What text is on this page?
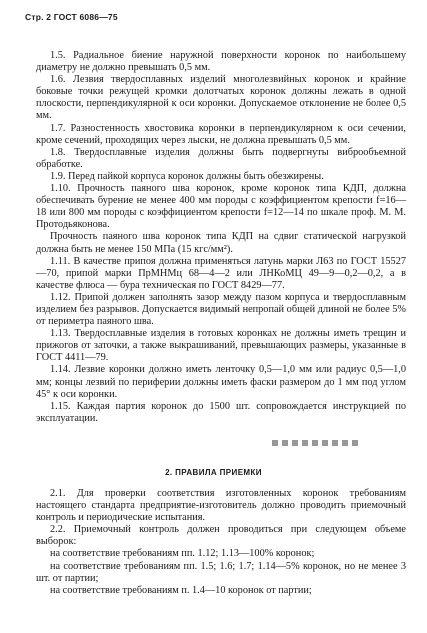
Стр. 2 ГОСТ 6086—75

1.5. Радиальное биение наружной поверхности коронок по наибольшему диаметру не должно превышать 0,5 мм.

1.6. Лезвия твердосплавных изделий многолезвийных коронок и крайние боковые точки режущей кромки долотчатых коронок должны лежать в одной плоскости, перпендикулярной к оси коронки. Допускаемое отклонение не более 0,5 мм.

1.7. Разностенность хвостовика коронки в перпендикулярном к оси сечении, кроме сечений, проходящих через лыски, не должна превышать 0,5 мм.

1.8. Твердосплавные изделия должны быть подвергнуты виброобъемной обработке.

1.9. Перед пайкой корпуса коронок должны быть обезжирены.

1.10. Прочность паяного шва коронок, кроме коронок типа КДП, должна обеспечивать бурение не менее 400 мм породы с коэффициентом крепости f=16—18 или 800 мм породы с коэффициентом крепости f=12—14 по шкале проф. М. М. Протодьяконова.

Прочность паяного шва коронок типа КДП на сдвиг статической нагрузкой должна быть не менее 150 МПа (15 кгс/мм²).

1.11. В качестве припоя должна применяться латунь марки Л63 по ГОСТ 15527—70, припой марки ПрМНМц 68—4—2 или ЛНКоМЦ 49—9—0,2—0,2, а в качестве флюса — бура техническая по ГОСТ 8429—77.

1.12. Припой должен заполнять зазор между пазом корпуса и твердосплавным изделием без разрывов. Допускается видимый непропай общей длиной не более 5% от периметра паяного шва.

1.13. Твердосплавные изделия в готовых коронках не должны иметь трещин и прижогов от заточки, а также выкрашиваний, превышающих размеры, указанные в ГОСТ 4411—79.

1.14. Лезвие коронки должно иметь ленточку 0,5—1,0 мм или радиус 0,5—1,0 мм; концы лезвий по периферии должны иметь фаски размером до 1 мм под углом 45° к оси коронки.

1.15. Каждая партия коронок до 1500 шт. сопровождается инструкцией по эксплуатации.

2. ПРАВИЛА ПРИЕМКИ

2.1. Для проверки соответствия изготовленных коронок требованиям настоящего стандарта предприятие-изготовитель должно проводить приемочный контроль и периодические испытания.

2.2. Приемочный контроль должен проводиться при следующем объеме выборок:

на соответствие требованиям пп. 1.12; 1.13—100% коронок;

на соответствие требованиям пп. 1.5; 1.6; 1.7; 1.14—5% коронок, но не менее 3 шт. от партии;

на соответствие требованиям п. 1.4—10 коронок от партии;
